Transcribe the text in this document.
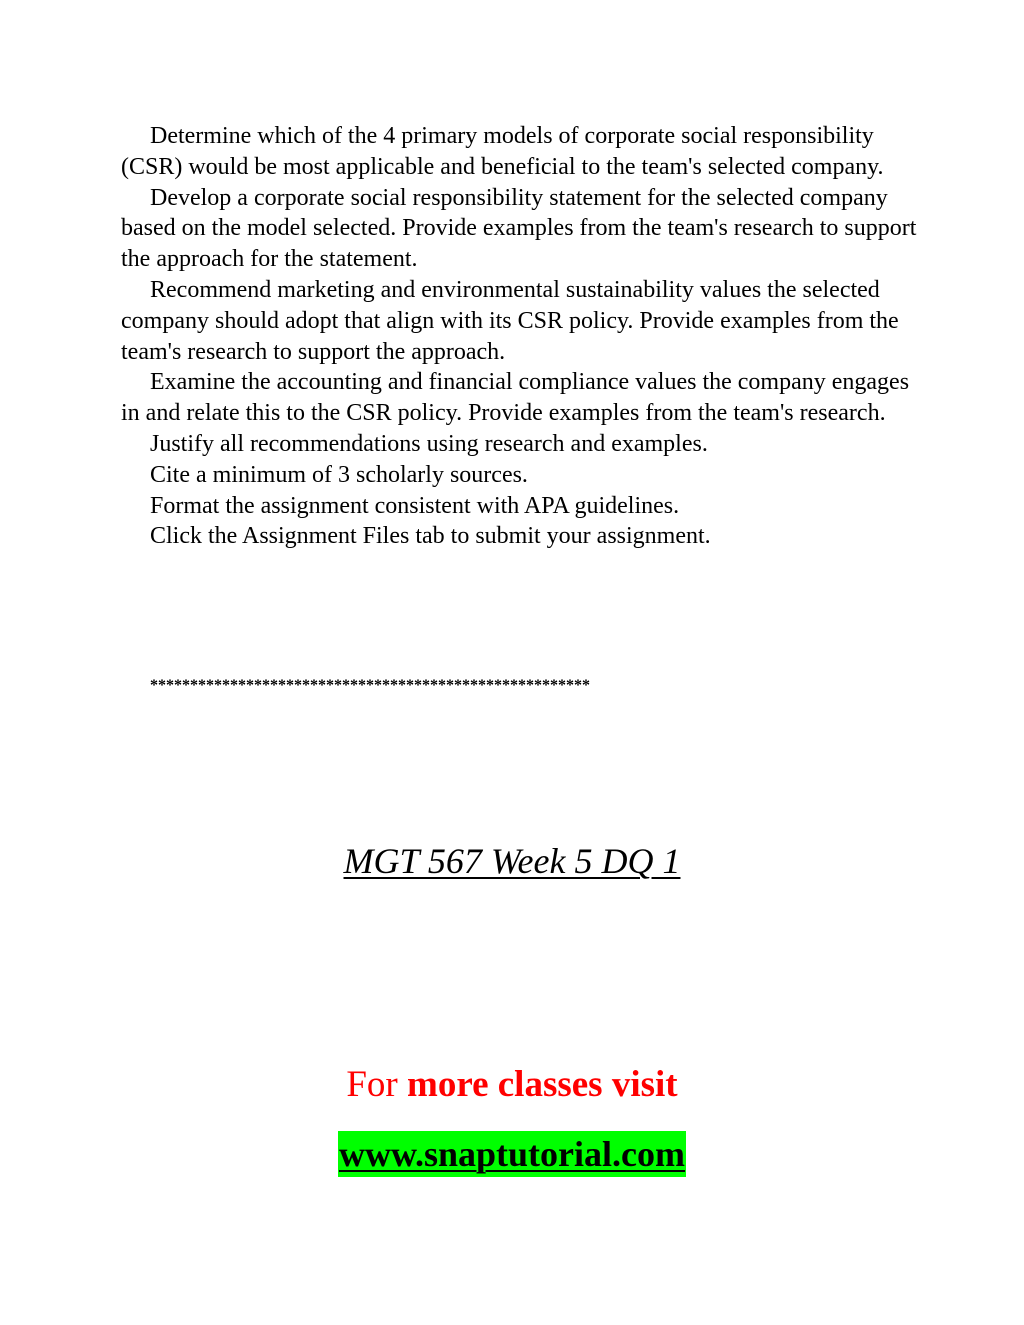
Determine which of the 4 primary models of corporate social responsibility (CSR) would be most applicable and beneficial to the team's selected company.

Develop a corporate social responsibility statement for the selected company based on the model selected. Provide examples from the team's research to support the approach for the statement.

Recommend marketing and environmental sustainability values the selected company should adopt that align with its CSR policy. Provide examples from the team's research to support the approach.

Examine the accounting and financial compliance values the company engages in and relate this to the CSR policy. Provide examples from the team's research.

Justify all recommendations using research and examples.

Cite a minimum of 3 scholarly sources.

Format the assignment consistent with APA guidelines.

Click the Assignment Files tab to submit your assignment.

*******************************************************
MGT 567 Week 5 DQ 1
For more classes visit
www.snaptutorial.com
